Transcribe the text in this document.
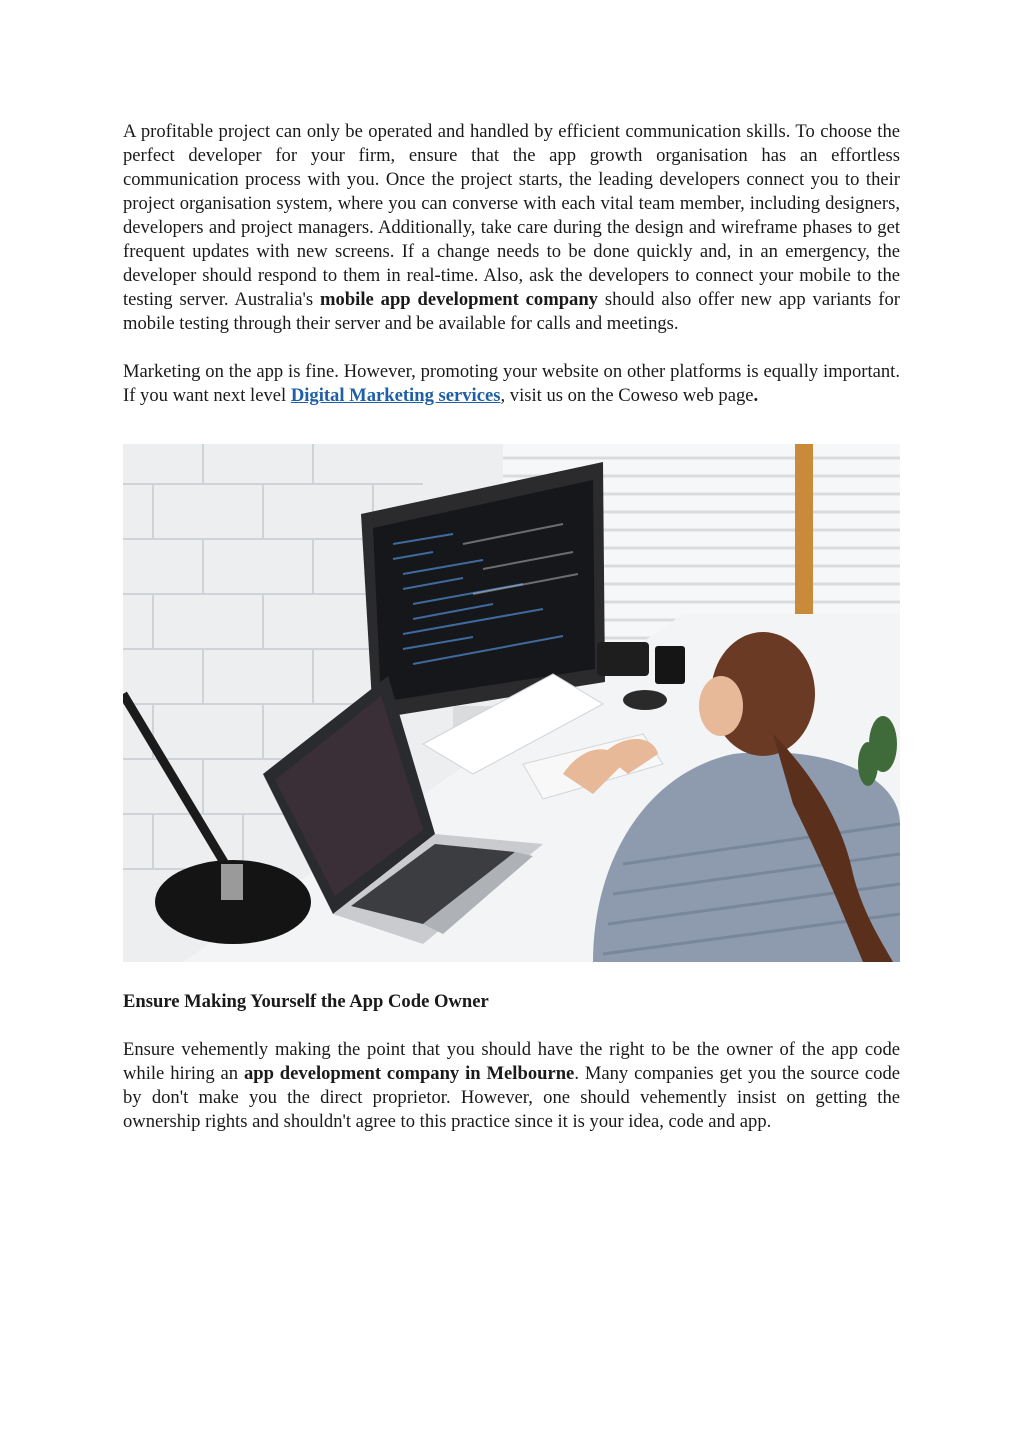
A profitable project can only be operated and handled by efficient communication skills. To choose the perfect developer for your firm, ensure that the app growth organisation has an effortless communication process with you. Once the project starts, the leading developers connect you to their project organisation system, where you can converse with each vital team member, including designers, developers and project managers. Additionally, take care during the design and wireframe phases to get frequent updates with new screens. If a change needs to be done quickly and, in an emergency, the developer should respond to them in real-time. Also, ask the developers to connect your mobile to the testing server. Australia's mobile app development company should also offer new app variants for mobile testing through their server and be available for calls and meetings.

Marketing on the app is fine. However, promoting your website on other platforms is equally important. If you want next level Digital Marketing services, visit us on the Coweso web page.

Ensure Making Yourself the App Code Owner

Ensure vehemently making the point that you should have the right to be the owner of the app code while hiring an app development company in Melbourne. Many companies get you the source code by don't make you the direct proprietor. However, one should vehemently insist on getting the ownership rights and shouldn't agree to this practice since it is your idea, code and app.
